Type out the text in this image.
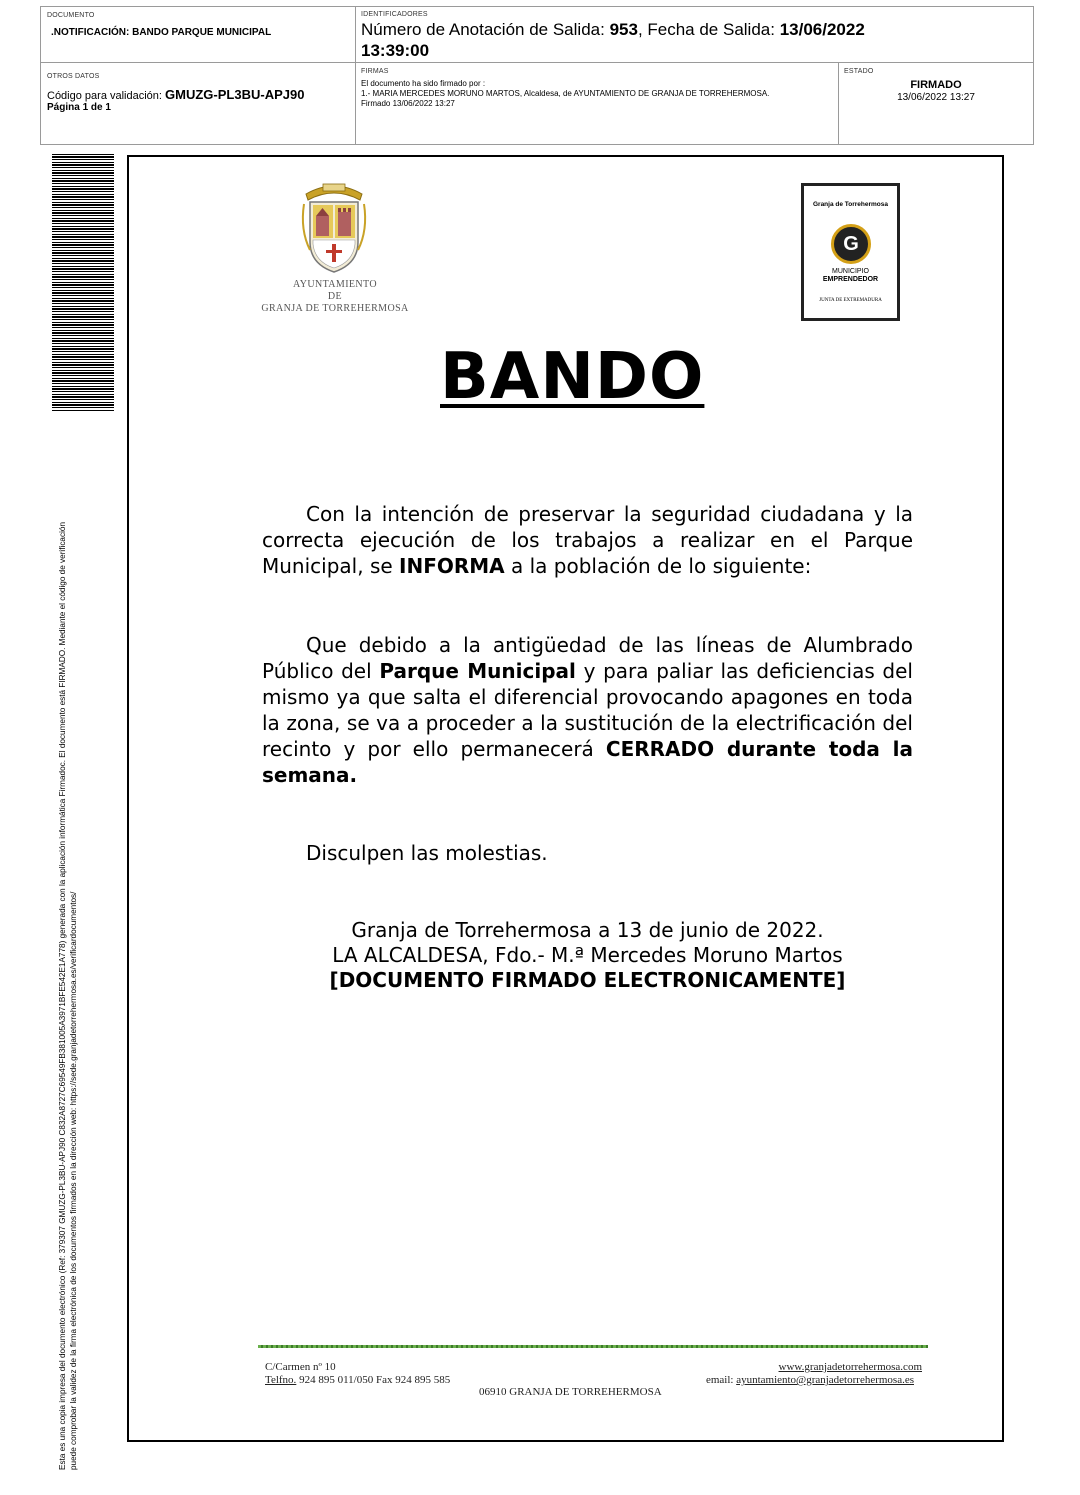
DOCUMENTO
.NOTIFICACIÓN: BANDO PARQUE MUNICIPAL
IDENTIFICADORES
Número de Anotación de Salida: 953, Fecha de Salida: 13/06/2022
13:39:00
OTROS DATOS
Código para validación: GMUZG-PL3BU-APJ90
Página 1 de 1
FIRMAS
El documento ha sido firmado por :
1.- MARIA MERCEDES MORUNO MARTOS, Alcaldesa, de AYUNTAMIENTO DE GRANJA DE TORREHERMOSA.
Firmado 13/06/2022 13:27
ESTADO
FIRMADO
13/06/2022 13:27
Esta es una copia impresa del documento electrónico (Ref: 379307 GMUZG-PL3BU-APJ90 C832A8727C69549FB381005A3971BFE542E1A778) generada con la aplicación informática Firmadoc. El documento está FIRMADO. Mediante el código de verificación puede comprobar la validez de la firma electrónica de los documentos firmados en la dirección web: https://sede.granjadetorrehermosa.es/verificardocumentos/
AYUNTAMIENTO
DE
GRANJA DE TORREHERMOSA
Granja de Torrehermosa
G
MUNICIPIO
EMPRENDEDOR
JUNTA DE EXTREMADURA
BANDO
Con la intención de preservar la seguridad ciudadana y la correcta ejecución de los trabajos a realizar en el Parque Municipal, se INFORMA a la población de lo siguiente:
Que debido a la antigüedad de las líneas de Alumbrado Público del Parque Municipal y para paliar las deficiencias del mismo ya que salta el diferencial provocando apagones en toda la zona, se va a proceder a la sustitución de la electrificación del recinto y por ello permanecerá CERRADO durante toda la semana.
Disculpen las molestias.
Granja de Torrehermosa a 13 de junio de 2022.
LA ALCALDESA, Fdo.- M.ª Mercedes Moruno Martos
[DOCUMENTO FIRMADO ELECTRONICAMENTE]
C/Carmen nº 10
Telfno. 924 895 011/050 Fax 924 895 585
www.granjadetorrehermosa.com
email: ayuntamiento@granjadetorrehermosa.es
06910 GRANJA DE TORREHERMOSA
